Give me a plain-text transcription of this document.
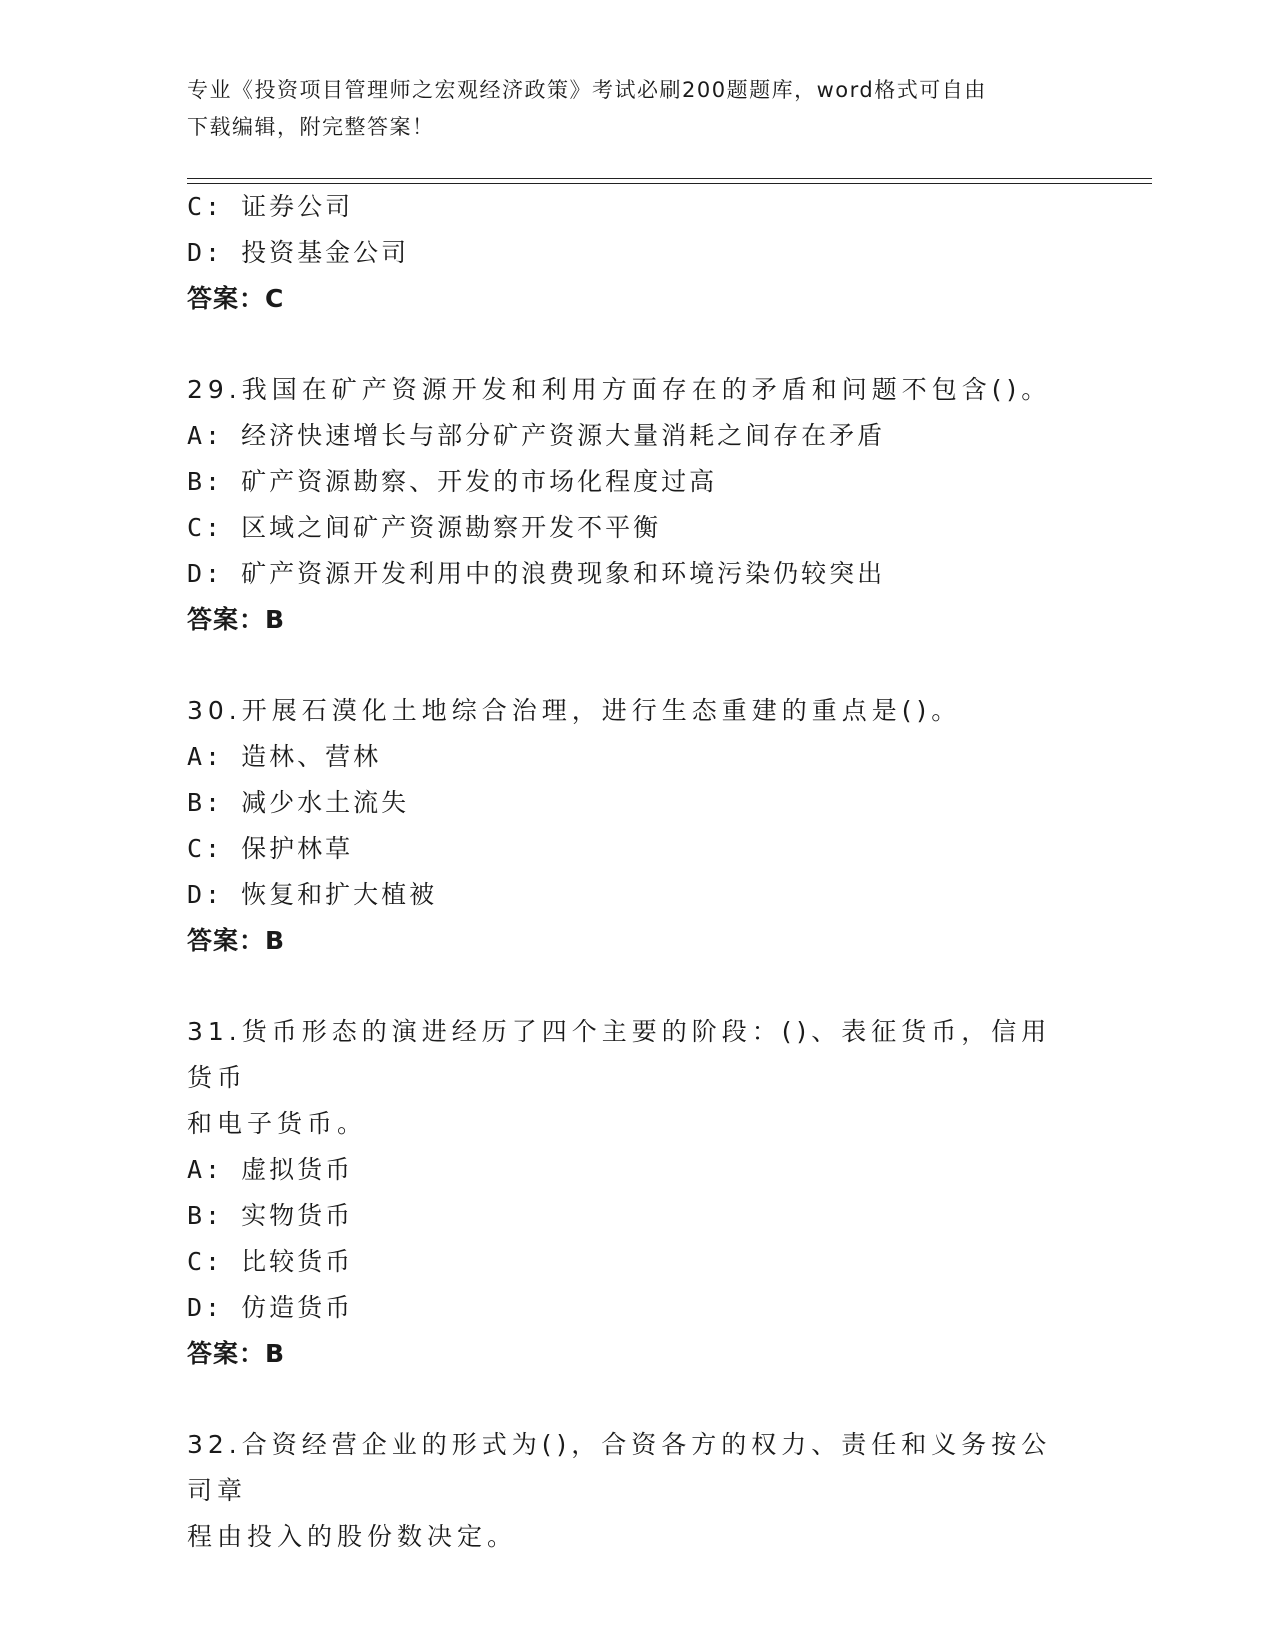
专业《投资项目管理师之宏观经济政策》考试必刷200题题库，word格式可自由
下载编辑，附完整答案！
C: 证券公司
D: 投资基金公司
答案：C
29.我国在矿产资源开发和利用方面存在的矛盾和问题不包含()。
A: 经济快速增长与部分矿产资源大量消耗之间存在矛盾
B: 矿产资源勘察、开发的市场化程度过高
C: 区域之间矿产资源勘察开发不平衡
D: 矿产资源开发利用中的浪费现象和环境污染仍较突出
答案：B
30.开展石漠化土地综合治理，进行生态重建的重点是()。
A: 造林、营林
B: 减少水土流失
C: 保护林草
D: 恢复和扩大植被
答案：B
31.货币形态的演进经历了四个主要的阶段：()、表征货币，信用货币
和电子货币。
A: 虚拟货币
B: 实物货币
C: 比较货币
D: 仿造货币
答案：B
32.合资经营企业的形式为()，合资各方的权力、责任和义务按公司章
程由投入的股份数决定。
